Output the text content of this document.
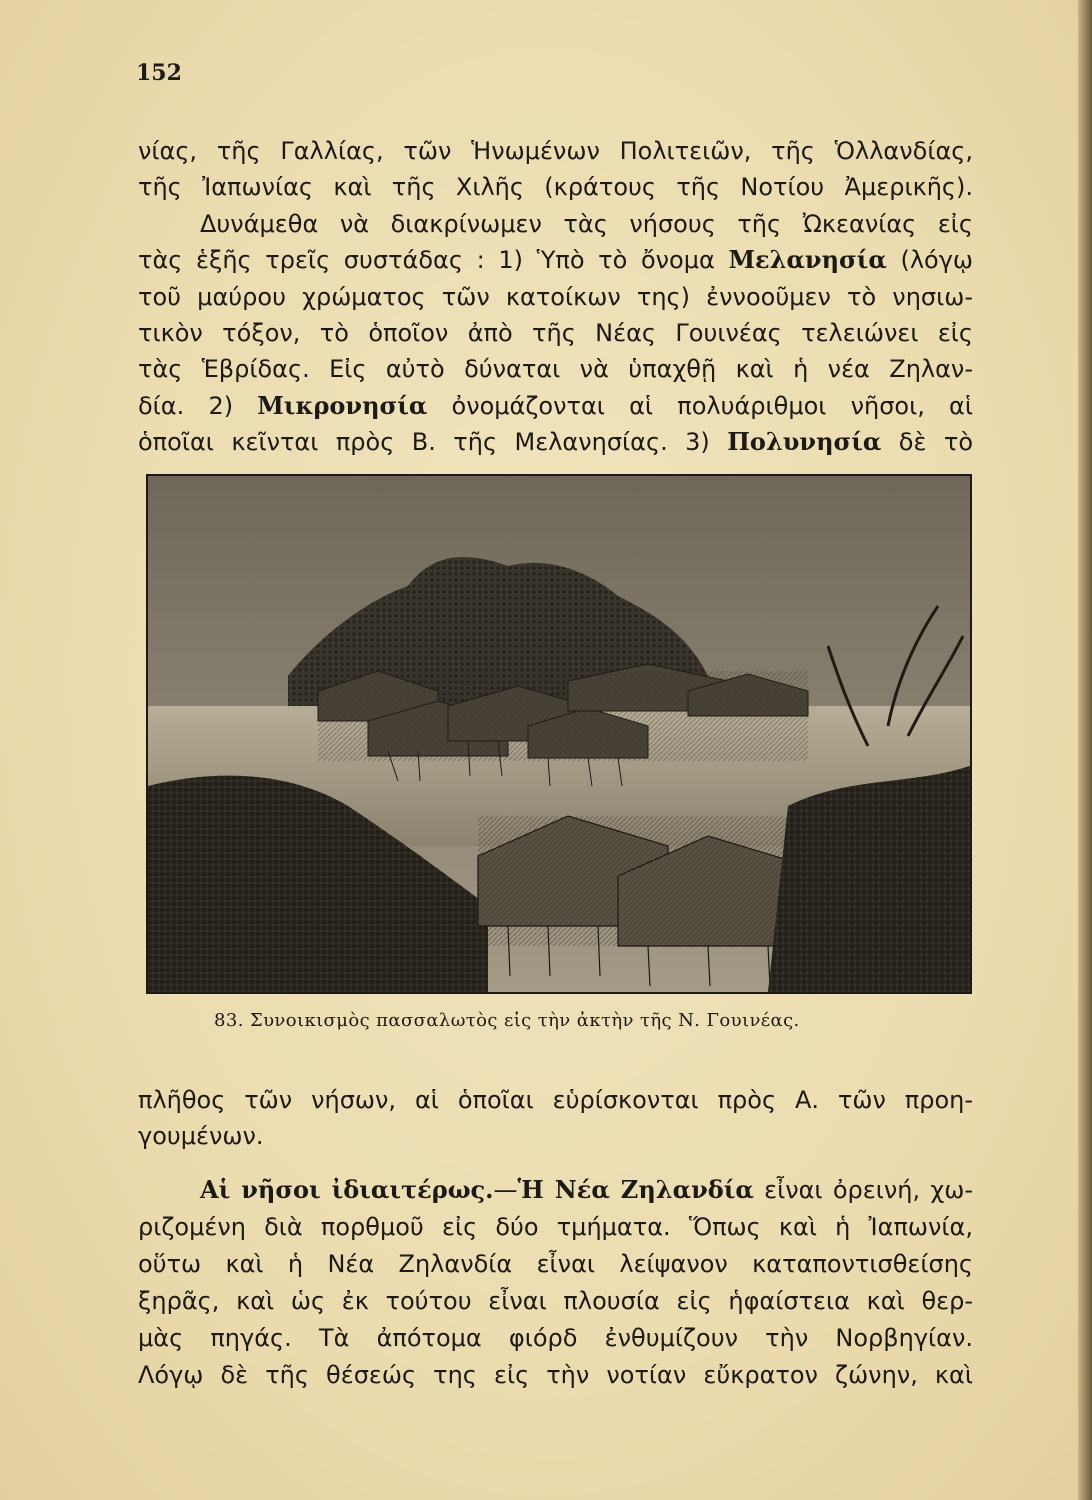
152
νίας, τῆς Γαλλίας, τῶν Ἡνωμένων Πολιτειῶν, τῆς Ὁλλανδίας,
τῆς Ἰαπωνίας καὶ τῆς Χιλῆς (κράτους τῆς Νοτίου Ἀμερικῆς).
Δυνάμεθα νὰ διακρίνωμεν τὰς νήσους τῆς Ὠκεανίας εἰς
τὰς ἑξῆς τρεῖς συστάδας : 1) Ὑπὸ τὸ ὄνομα Μελανησία (λόγῳ
τοῦ μαύρου χρώματος τῶν κατοίκων της) ἐννοοῦμεν τὸ νησιω-
τικὸν τόξον, τὸ ὁποῖον ἀπὸ τῆς Νέας Γουινέας τελειώνει εἰς
τὰς Ἑβρίδας. Εἰς αὐτὸ δύναται νὰ ὑπαχθῇ καὶ ἡ νέα Ζηλαν-
δία. 2) Μικρονησία ὀνομάζονται αἱ πολυάριθμοι νῆσοι, αἱ
ὁποῖαι κεῖνται πρὸς Β. τῆς Μελανησίας. 3) Πολυνησία δὲ τὸ
83. Συνοικισμὸς πασσαλωτὸς εἰς τὴν ἀκτὴν τῆς Ν. Γουινέας.
πλῆθος τῶν νήσων, αἱ ὁποῖαι εὑρίσκονται πρὸς Α. τῶν προη-
γουμένων.
Αἱ νῆσοι ἰδιαιτέρως.—Ἡ Νέα Ζηλανδία εἶναι ὀρεινή, χω-
ριζομένη διὰ πορθμοῦ εἰς δύο τμήματα. Ὅπως καὶ ἡ Ἰαπωνία,
οὕτω καὶ ἡ Νέα Ζηλανδία εἶναι λείψανον καταποντισθείσης
ξηρᾶς, καὶ ὡς ἐκ τούτου εἶναι πλουσία εἰς ἡφαίστεια καὶ θερ-
μὰς πηγάς. Τὰ ἀπότομα φιόρδ ἐνθυμίζουν τὴν Νορβηγίαν.
Λόγῳ δὲ τῆς θέσεώς της εἰς τὴν νοτίαν εὔκρατον ζώνην, καὶ
